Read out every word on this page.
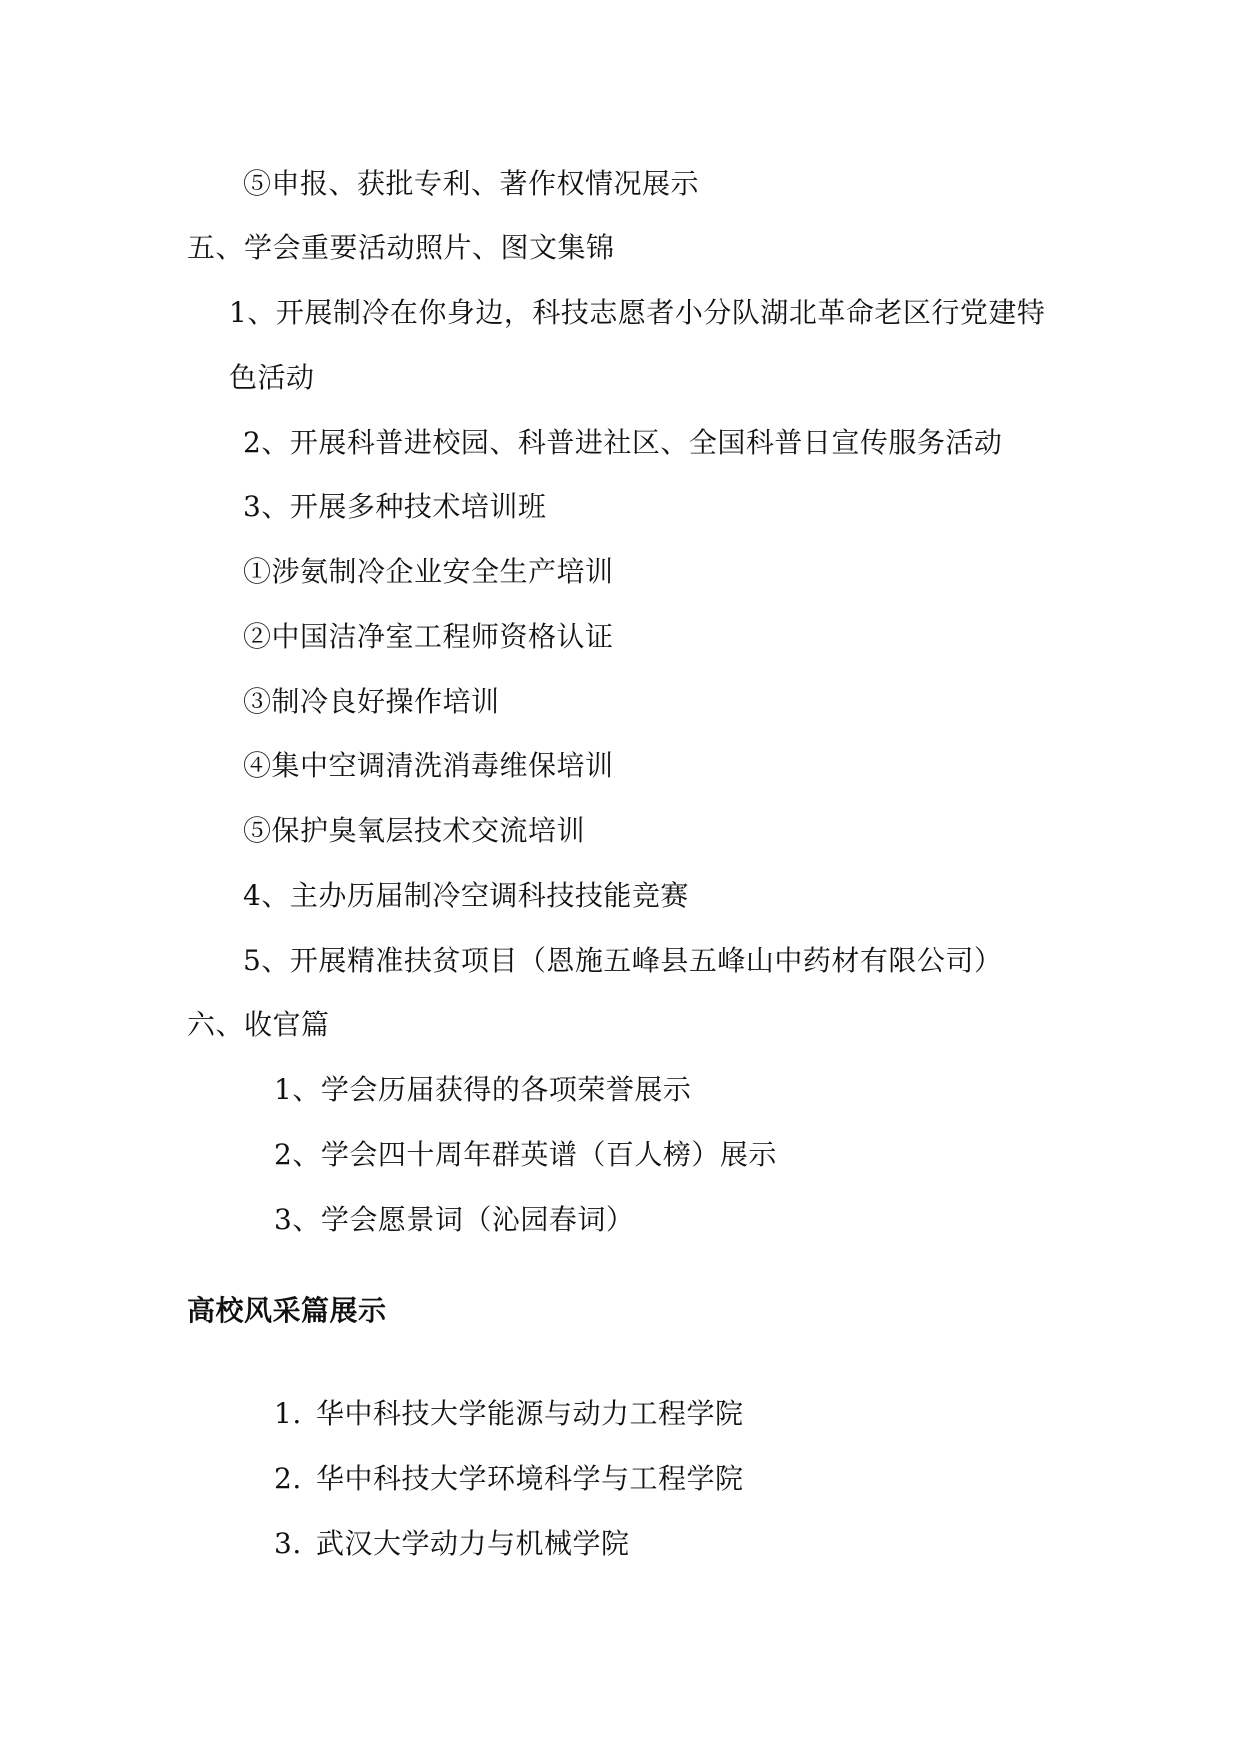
⑤申报、获批专利、著作权情况展示
五、学会重要活动照片、图文集锦
1、开展制冷在你身边，科技志愿者小分队湖北革命老区行党建特
色活动
2、开展科普进校园、科普进社区、全国科普日宣传服务活动
3、开展多种技术培训班
①涉氨制冷企业安全生产培训
②中国洁净室工程师资格认证
③制冷良好操作培训
④集中空调清洗消毒维保培训
⑤保护臭氧层技术交流培训
4、主办历届制冷空调科技技能竞赛
5、开展精准扶贫项目（恩施五峰县五峰山中药材有限公司）
六、收官篇
1、学会历届获得的各项荣誉展示
2、学会四十周年群英谱（百人榜）展示
3、学会愿景词（沁园春词）
高校风采篇展示
1. 华中科技大学能源与动力工程学院
2. 华中科技大学环境科学与工程学院
3. 武汉大学动力与机械学院
